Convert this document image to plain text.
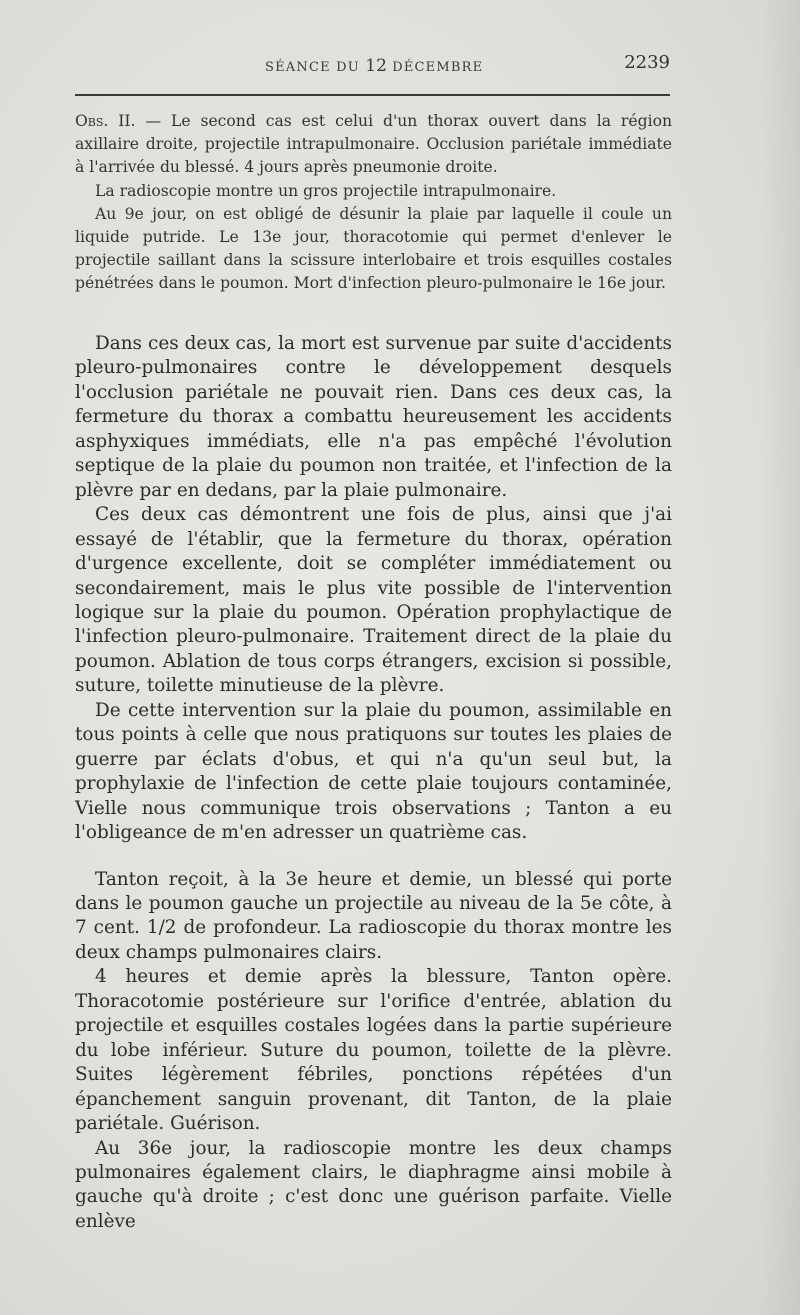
SÉANCE DU 12 DÉCEMBRE	2239

Obs. II. — Le second cas est celui d'un thorax ouvert dans la région axillaire droite, projectile intrapulmonaire. Occlusion pariétale immédiate à l'arrivée du blessé. 4 jours après pneumonie droite.

La radioscopie montre un gros projectile intrapulmonaire.

Au 9e jour, on est obligé de désunir la plaie par laquelle il coule un liquide putride. Le 13e jour, thoracotomie qui permet d'enlever le projectile saillant dans la scissure interlobaire et trois esquilles costales pénétrées dans le poumon. Mort d'infection pleuro-pulmonaire le 16e jour.

Dans ces deux cas, la mort est survenue par suite d'accidents pleuro-pulmonaires contre le développement desquels l'occlusion pariétale ne pouvait rien. Dans ces deux cas, la fermeture du thorax a combattu heureusement les accidents asphyxiques immédiats, elle n'a pas empêché l'évolution septique de la plaie du poumon non traitée, et l'infection de la plèvre par en dedans, par la plaie pulmonaire.

Ces deux cas démontrent une fois de plus, ainsi que j'ai essayé de l'établir, que la fermeture du thorax, opération d'urgence excellente, doit se compléter immédiatement ou secondairement, mais le plus vite possible de l'intervention logique sur la plaie du poumon. Opération prophylactique de l'infection pleuro-pulmonaire. Traitement direct de la plaie du poumon. Ablation de tous corps étrangers, excision si possible, suture, toilette minutieuse de la plèvre.

De cette intervention sur la plaie du poumon, assimilable en tous points à celle que nous pratiquons sur toutes les plaies de guerre par éclats d'obus, et qui n'a qu'un seul but, la prophylaxie de l'infection de cette plaie toujours contaminée, Vielle nous communique trois observations ; Tanton a eu l'obligeance de m'en adresser un quatrième cas.

Tanton reçoit, à la 3e heure et demie, un blessé qui porte dans le poumon gauche un projectile au niveau de la 5e côte, à 7 cent. 1/2 de profondeur. La radioscopie du thorax montre les deux champs pulmonaires clairs.

4 heures et demie après la blessure, Tanton opère. Thoracotomie postérieure sur l'orifice d'entrée, ablation du projectile et esquilles costales logées dans la partie supérieure du lobe inférieur. Suture du poumon, toilette de la plèvre. Suites légèrement fébriles, ponctions répétées d'un épanchement sanguin provenant, dit Tanton, de la plaie pariétale. Guérison.

Au 36e jour, la radioscopie montre les deux champs pulmonaires également clairs, le diaphragme ainsi mobile à gauche qu'à droite ; c'est donc une guérison parfaite. Vielle enlève
